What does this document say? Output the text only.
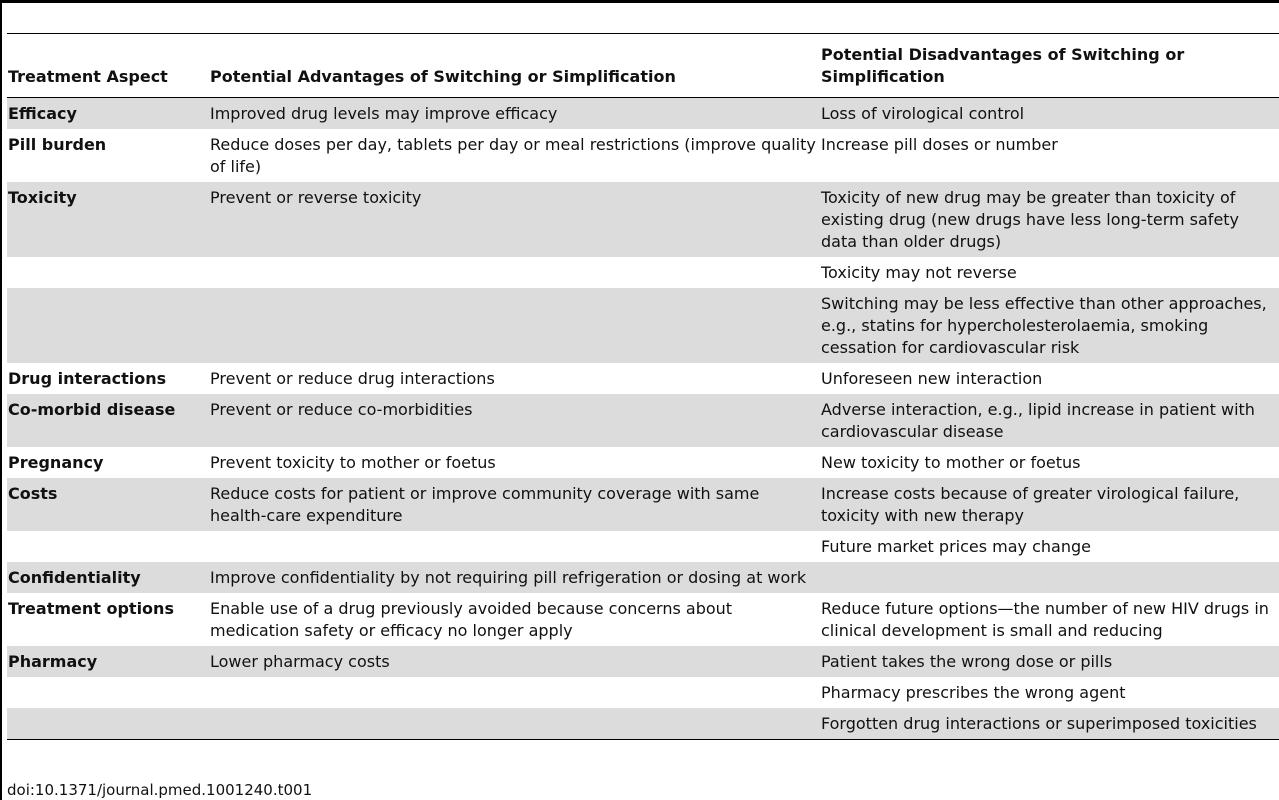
Treatment Aspect	Potential Advantages of Switching or Simplification	Potential Disadvantages of Switching or Simplification
Efficacy	Improved drug levels may improve efficacy	Loss of virological control
Pill burden	Reduce doses per day, tablets per day or meal restrictions (improve quality of life)	Increase pill doses or number
Toxicity	Prevent or reverse toxicity	Toxicity of new drug may be greater than toxicity of existing drug (new drugs have less long-term safety data than older drugs)
		Toxicity may not reverse
		Switching may be less effective than other approaches, e.g., statins for hypercholesterolaemia, smoking cessation for cardiovascular risk
Drug interactions	Prevent or reduce drug interactions	Unforeseen new interaction
Co-morbid disease	Prevent or reduce co-morbidities	Adverse interaction, e.g., lipid increase in patient with cardiovascular disease
Pregnancy	Prevent toxicity to mother or foetus	New toxicity to mother or foetus
Costs	Reduce costs for patient or improve community coverage with same health-care expenditure	Increase costs because of greater virological failure, toxicity with new therapy
		Future market prices may change
Confidentiality	Improve confidentiality by not requiring pill refrigeration or dosing at work	
Treatment options	Enable use of a drug previously avoided because concerns about medication safety or efficacy no longer apply	Reduce future options—the number of new HIV drugs in clinical development is small and reducing
Pharmacy	Lower pharmacy costs	Patient takes the wrong dose or pills
		Pharmacy prescribes the wrong agent
		Forgotten drug interactions or superimposed toxicities
doi:10.1371/journal.pmed.1001240.t001
